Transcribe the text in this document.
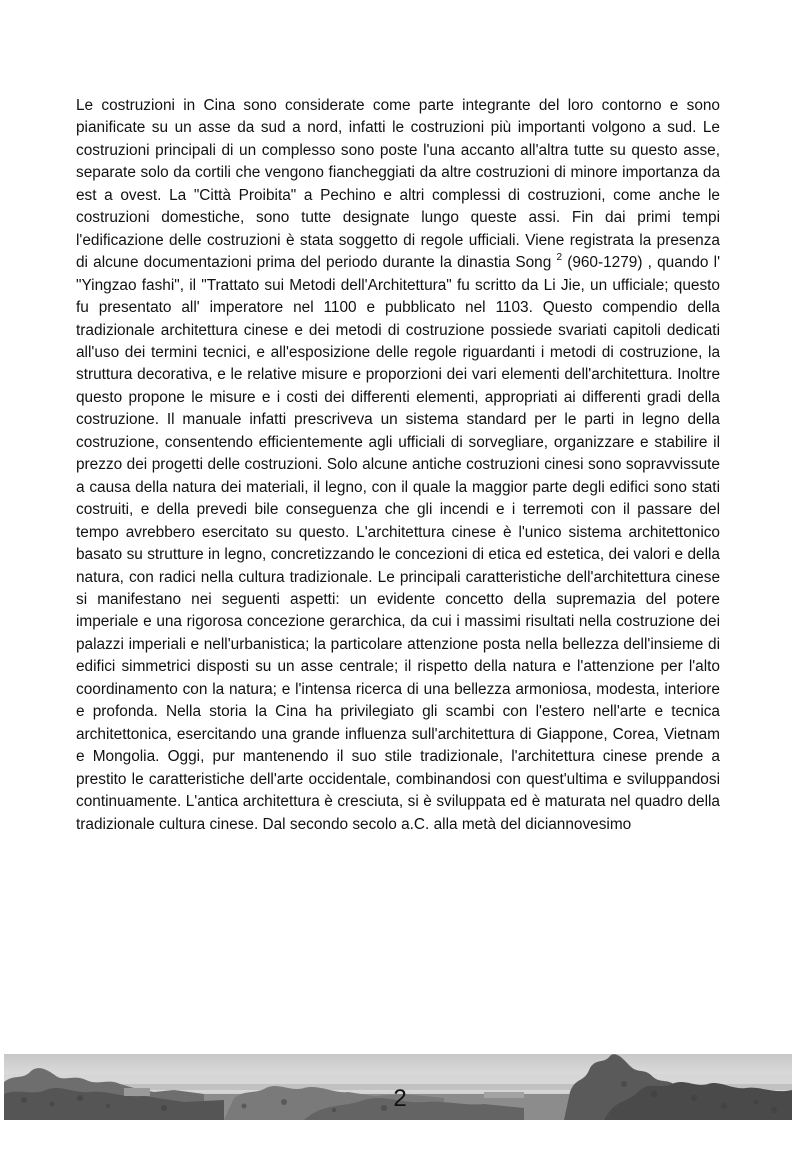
Le costruzioni in Cina sono considerate come parte integrante del loro contorno e sono pianificate su un asse da sud a nord, infatti le costruzioni più importanti volgono a sud. Le costruzioni principali di un complesso sono poste l'una accanto all'altra tutte su questo asse, separate solo da cortili che vengono fiancheggiati da altre costruzioni di minore importanza da est a ovest. La "Città Proibita" a Pechino e altri complessi di costruzioni, come anche le costruzioni domestiche, sono tutte designate lungo queste assi. Fin dai primi tempi l'edificazione delle costruzioni è stata soggetto di regole ufficiali. Viene registrata la presenza di alcune documentazioni prima del periodo durante la dinastia Song $^2$ (960-1279) , quando l' "Yingzao fashi", il "Trattato sui Metodi dell'Architettura" fu scritto da Li Jie, un ufficiale; questo fu presentato all' imperatore nel 1100 e pubblicato nel 1103. Questo compendio della tradizionale architettura cinese e dei metodi di costruzione possiede svariati capitoli dedicati all'uso dei termini tecnici, e all'esposizione delle regole riguardanti i metodi di costruzione, la struttura decorativa, e le relative misure e proporzioni dei vari elementi dell'architettura. Inoltre questo propone le misure e i costi dei differenti elementi, appropriati ai differenti gradi della costruzione. Il manuale infatti prescriveva un sistema standard per le parti in legno della costruzione, consentendo efficientemente agli ufficiali di sorvegliare, organizzare e stabilire il prezzo dei progetti delle costruzioni. Solo alcune antiche costruzioni cinesi sono sopravvissute a causa della natura dei materiali, il legno, con il quale la maggior parte degli edifici sono stati costruiti, e della prevedi bile conseguenza che gli incendi e i terremoti con il passare del tempo avrebbero esercitato su questo. L'architettura cinese è l'unico sistema architettonico basato su strutture in legno, concretizzando le concezioni di etica ed estetica, dei valori e della natura, con radici nella cultura tradizionale. Le principali caratteristiche dell'architettura cinese si manifestano nei seguenti aspetti: un evidente concetto della supremazia del potere imperiale e una rigorosa concezione gerarchica, da cui i massimi risultati nella costruzione dei palazzi imperiali e nell'urbanistica; la particolare attenzione posta nella bellezza dell'insieme di edifici simmetrici disposti su un asse centrale; il rispetto della natura e l'attenzione per l'alto coordinamento con la natura; e l'intensa ricerca di una bellezza armoniosa, modesta, interiore e profonda. Nella storia la Cina ha privilegiato gli scambi con l'estero nell'arte e tecnica architettonica, esercitando una grande influenza sull'architettura di Giappone, Corea, Vietnam e Mongolia. Oggi, pur mantenendo il suo stile tradizionale, l'architettura cinese prende a prestito le caratteristiche dell'arte occidentale, combinandosi con quest'ultima e sviluppandosi continuamente. L'antica architettura è cresciuta, si è sviluppata ed è maturata nel quadro della tradizionale cultura cinese. Dal secondo secolo a.C. alla metà del diciannovesimo

2
